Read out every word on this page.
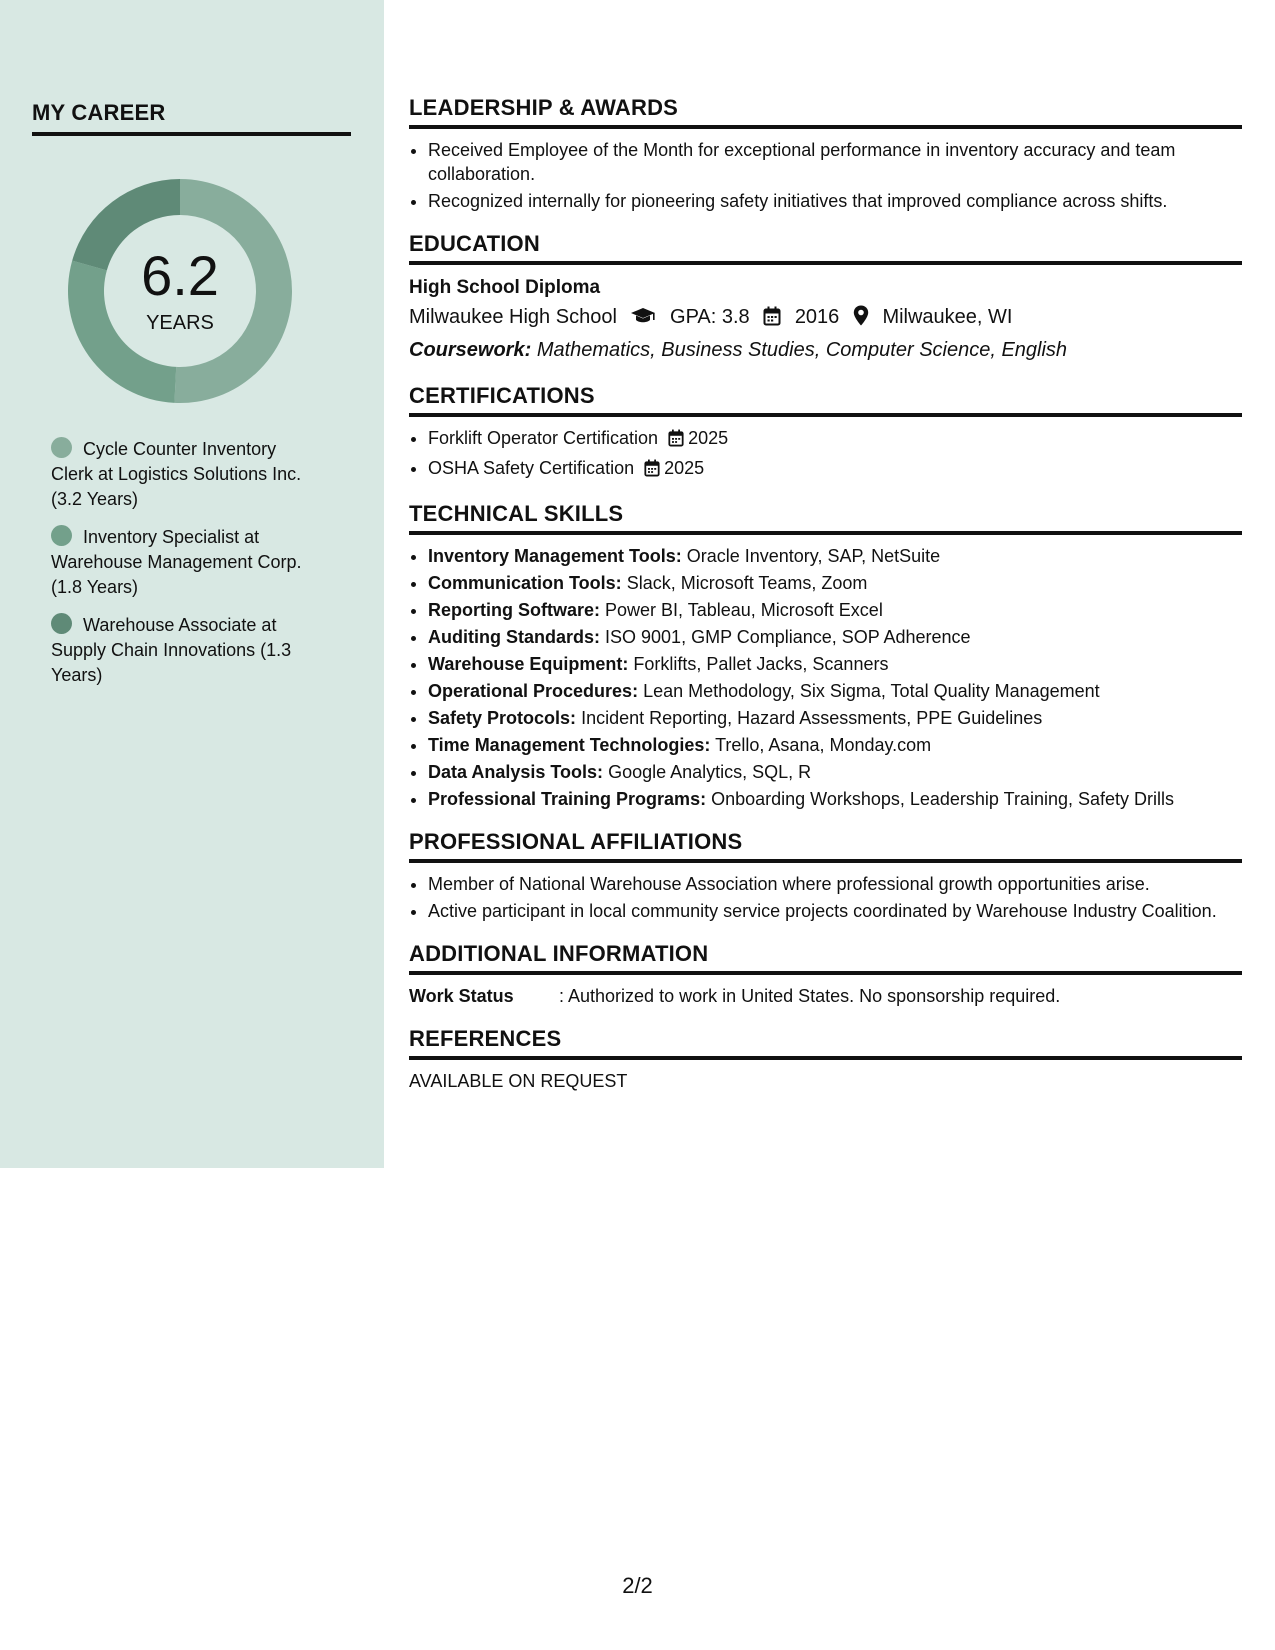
MY CAREER
6.2
YEARS
Cycle Counter Inventory Clerk at Logistics Solutions Inc. (3.2 Years)
Inventory Specialist at Warehouse Management Corp. (1.8 Years)
Warehouse Associate at Supply Chain Innovations (1.3 Years)
LEADERSHIP & AWARDS
• Received Employee of the Month for exceptional performance in inventory accuracy and team collaboration.
• Recognized internally for pioneering safety initiatives that improved compliance across shifts.
EDUCATION
High School Diploma
Milwaukee High School	GPA: 3.8 2016 Milwaukee, WI
Coursework: Mathematics, Business Studies, Computer Science, English
CERTIFICATIONS
• Forklift Operator Certification 2025
• OSHA Safety Certification 2025
TECHNICAL SKILLS
• Inventory Management Tools: Oracle Inventory, SAP, NetSuite
• Communication Tools: Slack, Microsoft Teams, Zoom
• Reporting Software: Power BI, Tableau, Microsoft Excel
• Auditing Standards: ISO 9001, GMP Compliance, SOP Adherence
• Warehouse Equipment: Forklifts, Pallet Jacks, Scanners
• Operational Procedures: Lean Methodology, Six Sigma, Total Quality Management
• Safety Protocols: Incident Reporting, Hazard Assessments, PPE Guidelines
• Time Management Technologies: Trello, Asana, Monday.com
• Data Analysis Tools: Google Analytics, SQL, R
• Professional Training Programs: Onboarding Workshops, Leadership Training, Safety Drills
PROFESSIONAL AFFILIATIONS
• Member of National Warehouse Association where professional growth opportunities arise.
• Active participant in local community service projects coordinated by Warehouse Industry Coalition.
ADDITIONAL INFORMATION
Work Status	: Authorized to work in United States. No sponsorship required.
REFERENCES
AVAILABLE ON REQUEST
2/2
